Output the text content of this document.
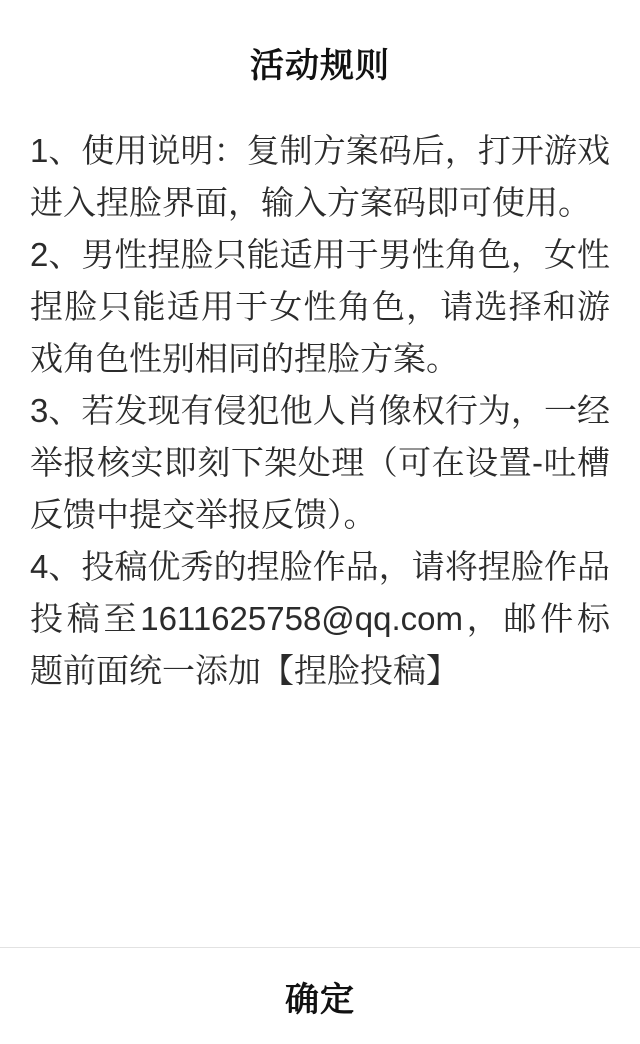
活动规则

1、使用说明：复制方案码后，打开游戏进入捏脸界面，输入方案码即可使用。

2、男性捏脸只能适用于男性角色，女性捏脸只能适用于女性角色，请选择和游戏角色性别相同的捏脸方案。

3、若发现有侵犯他人肖像权行为，一经举报核实即刻下架处理（可在设置-吐槽反馈中提交举报反馈）。

4、投稿优秀的捏脸作品，请将捏脸作品投稿至1611625758@qq.com，邮件标题前面统一添加【捏脸投稿】

确定
